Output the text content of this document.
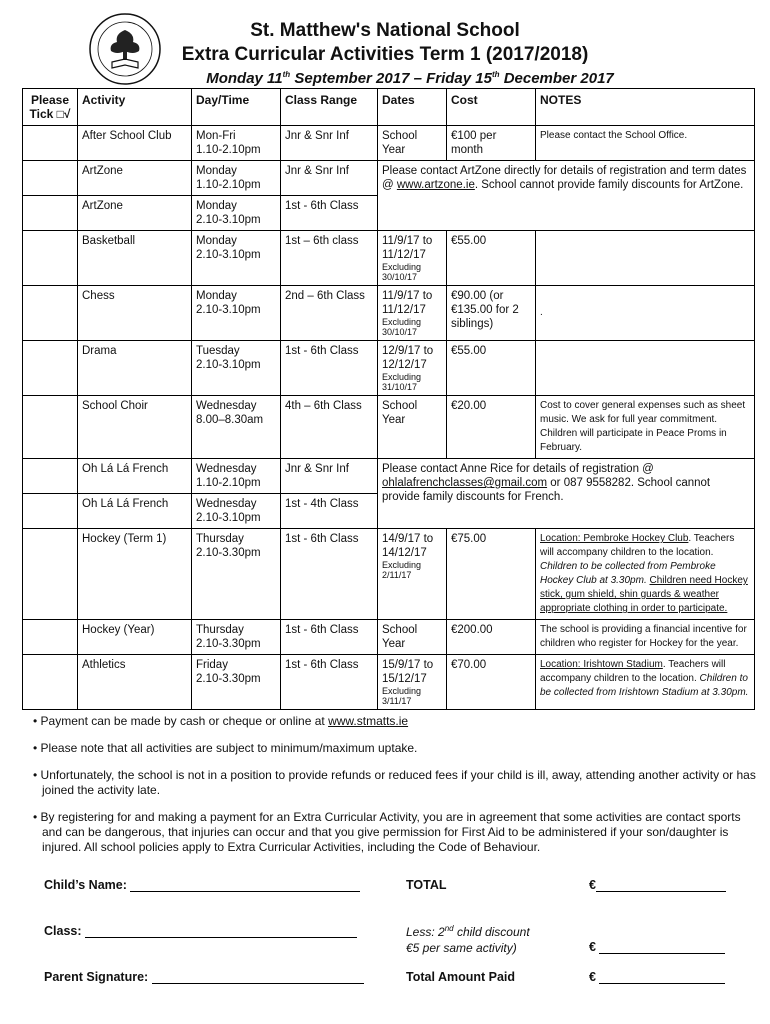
St. Matthew's National School
Extra Curricular Activities Term 1 (2017/2018)
Monday 11th September 2017 – Friday 15th December 2017
Please Tick □√	Activity	Day/Time	Class Range	Dates	Cost	NOTES
	After School Club	Mon-Fri
1.10-2.10pm	Jnr & Snr Inf	School Year	€100 per month	Please contact the School Office.
	ArtZone	Monday
1.10-2.10pm	Jnr & Snr Inf	Please contact ArtZone directly for details of registration and term dates @ www.artzone.ie. School cannot provide family discounts for ArtZone.		
	ArtZone	Monday
2.10-3.10pm	1st - 6th Class			
	Basketball	Monday
2.10-3.10pm	1st – 6th class	11/9/17 to 11/12/17
Excluding 30/10/17	€55.00	
	Chess	Monday
2.10-3.10pm	2nd – 6th Class	11/9/17 to 11/12/17
Excluding 30/10/17	€90.00 (or €135.00 for 2 siblings)	.
	Drama	Tuesday
2.10-3.10pm	1st - 6th Class	12/9/17 to 12/12/17
Excluding 31/10/17	€55.00	
	School Choir	Wednesday
8.00–8.30am	4th – 6th Class	School Year	€20.00	Cost to cover general expenses such as sheet music. We ask for full year commitment. Children will participate in Peace Proms in February.
	Oh Lá Lá French	Wednesday
1.10-2.10pm	Jnr & Snr Inf	Please contact Anne Rice for details of registration @ ohlalafrenchclasses@gmail.com or 087 9558282. School cannot provide family discounts for French.		
	Oh Lá Lá French	Wednesday
2.10-3.10pm	1st - 4th Class			
	Hockey (Term 1)	Thursday
2.10-3.30pm	1st - 6th Class	14/9/17 to 14/12/17
Excluding 2/11/17	€75.00	Location: Pembroke Hockey Club. Teachers will accompany children to the location. Children to be collected from Pembroke Hockey Club at 3.30pm. Children need Hockey stick, gum shield, shin guards & weather appropriate clothing in order to participate.
	Hockey (Year)	Thursday
2.10-3.30pm	1st - 6th Class	School Year	€200.00	The school is providing a financial incentive for children who register for Hockey for the year.
	Athletics	Friday
2.10-3.30pm	1st - 6th Class	15/9/17 to 15/12/17
Excluding 3/11/17	€70.00	Location: Irishtown Stadium. Teachers will accompany children to the location. Children to be collected from Irishtown Stadium at 3.30pm.
• Payment can be made by cash or cheque or online at www.stmatts.ie
• Please note that all activities are subject to minimum/maximum uptake.
• Unfortunately, the school is not in a position to provide refunds or reduced fees if your child is ill, away, attending another activity or has joined the activity late.
• By registering for and making a payment for an Extra Curricular Activity, you are in agreement that some activities are contact sports and can be dangerous, that injuries can occur and that you give permission for First Aid to be administered if your son/daughter is injured. All school policies apply to Extra Curricular Activities, including the Code of Behaviour.
Child’s Name:	TOTAL	€
Class:	Less: 2nd child discount
€5 per same activity)	€
Parent Signature:	Total Amount Paid	€
